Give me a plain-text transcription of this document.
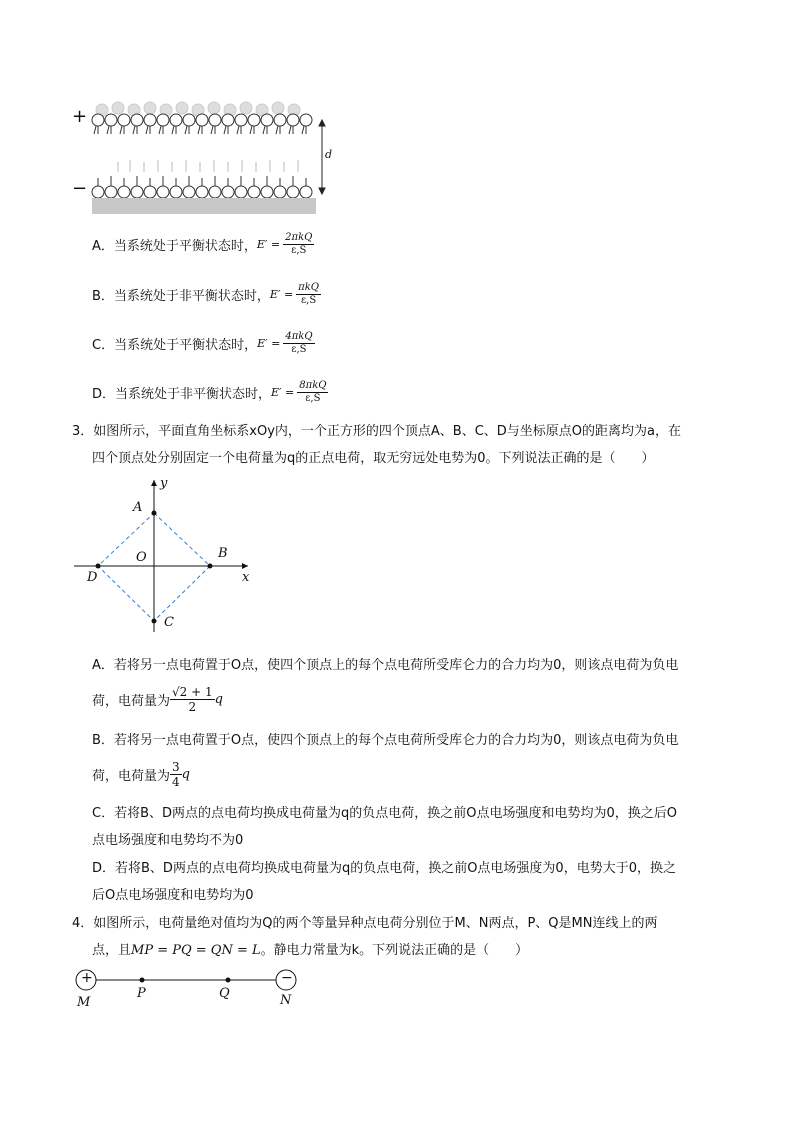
+
−
d
A．当系统处于平衡状态时， $E' = \frac{\text{2πkQ}}{\varepsilon,S}$
B．当系统处于非平衡状态时， $E' = \frac{\text{πkQ}}{\varepsilon,S}$
C．当系统处于平衡状态时， $E' = \frac{\text{4πkQ}}{\varepsilon,S}$
D．当系统处于非平衡状态时， $E' = \frac{\text{8πkQ}}{\varepsilon,S}$
3．如图所示，平面直角坐标系xOy内，一个正方形的四个顶点A、B、C、D与坐标原点O的距离均为a，在
四个顶点处分别固定一个电荷量为q的正点电荷，取无穷远处电势为0。下列说法正确的是（　　）
y
x
A
B
C
D
O
A．若将另一点电荷置于O点，使四个顶点上的每个点电荷所受库仑力的合力均为0，则该点电荷为负电
荷，电荷量为 $\frac{√2 + 1}{2}$ q
B．若将另一点电荷置于O点，使四个顶点上的每个点电荷所受库仑力的合力均为0，则该点电荷为负电
荷，电荷量为 $\frac{3}{4}$ q
C．若将B、D两点的点电荷均换成电荷量为q的负点电荷，换之前O点电场强度和电势均为0，换之后O
点电场强度和电势均不为0
D．若将B、D两点的点电荷均换成电荷量为q的负点电荷，换之前O点电场强度为0，电势大于0，换之
后O点电场强度和电势均为0
4．如图所示，电荷量绝对值均为Q的两个等量异种点电荷分别位于M、N两点，P、Q是MN连线上的两
点，且MP = PQ = QN = L。静电力常量为k。下列说法正确的是（　　）
+	−
M
P	Q	N
